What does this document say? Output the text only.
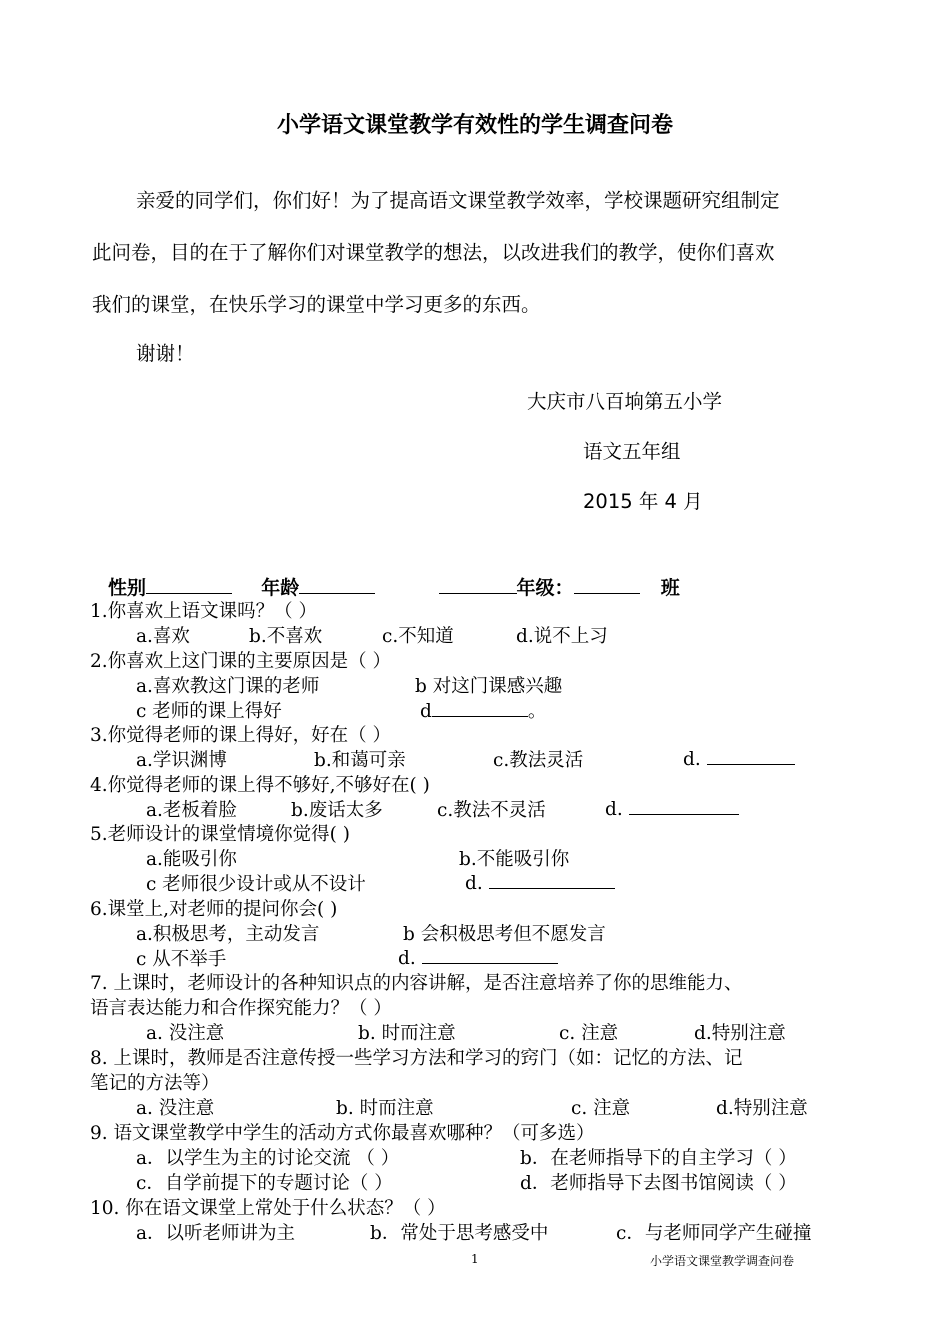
小学语文课堂教学有效性的学生调查问卷
亲爱的同学们，你们好！为了提高语文课堂教学效率，学校课题研究组制定
此问卷，目的在于了解你们对课堂教学的想法，以改进我们的教学，使你们喜欢
我们的课堂，在快乐学习的课堂中学习更多的东西。
谢谢！
大庆市八百垧第五小学
语文五年组
2015 年 4 月
性别	年龄	年级：	班
1.你喜欢上语文课吗？（ ）
a.喜欢	b.不喜欢	c.不知道	d.说不上习
2.你喜欢上这门课的主要原因是（ ）
a.喜欢教这门课的老师	b 对这门课感兴趣
c 老师的课上得好	d	。
3.你觉得老师的课上得好，好在（ ）
a.学识渊博	b.和蔼可亲	c.教法灵活	d.
4.你觉得老师的课上得不够好,不够好在( )
a.老板着脸	b.废话太多	c.教法不灵活	d.
5.老师设计的课堂情境你觉得( )
a.能吸引你	b.不能吸引你
c 老师很少设计或从不设计	d.
6.课堂上,对老师的提问你会( )
a.积极思考，主动发言	b 会积极思考但不愿发言
c 从不举手	d.
7. 上课时，老师设计的各种知识点的内容讲解，是否注意培养了你的思维能力、
语言表达能力和合作探究能力？（ ）
a. 没注意	b. 时而注意	c. 注意	d.特别注意
8. 上课时，教师是否注意传授一些学习方法和学习的窍门（如：记忆的方法、记
笔记的方法等）
a. 没注意	b. 时而注意	c. 注意	d.特别注意
9. 语文课堂教学中学生的活动方式你最喜欢哪种？（可多选）
a．以学生为主的讨论交流 （ ）	b．在老师指导下的自主学习（ ）
c．自学前提下的专题讨论（ ）	d．老师指导下去图书馆阅读（ ）
10. 你在语文课堂上常处于什么状态？（ ）
a．以听老师讲为主	b．常处于思考感受中	c．与老师同学产生碰撞
1	小学语文课堂教学调查问卷
